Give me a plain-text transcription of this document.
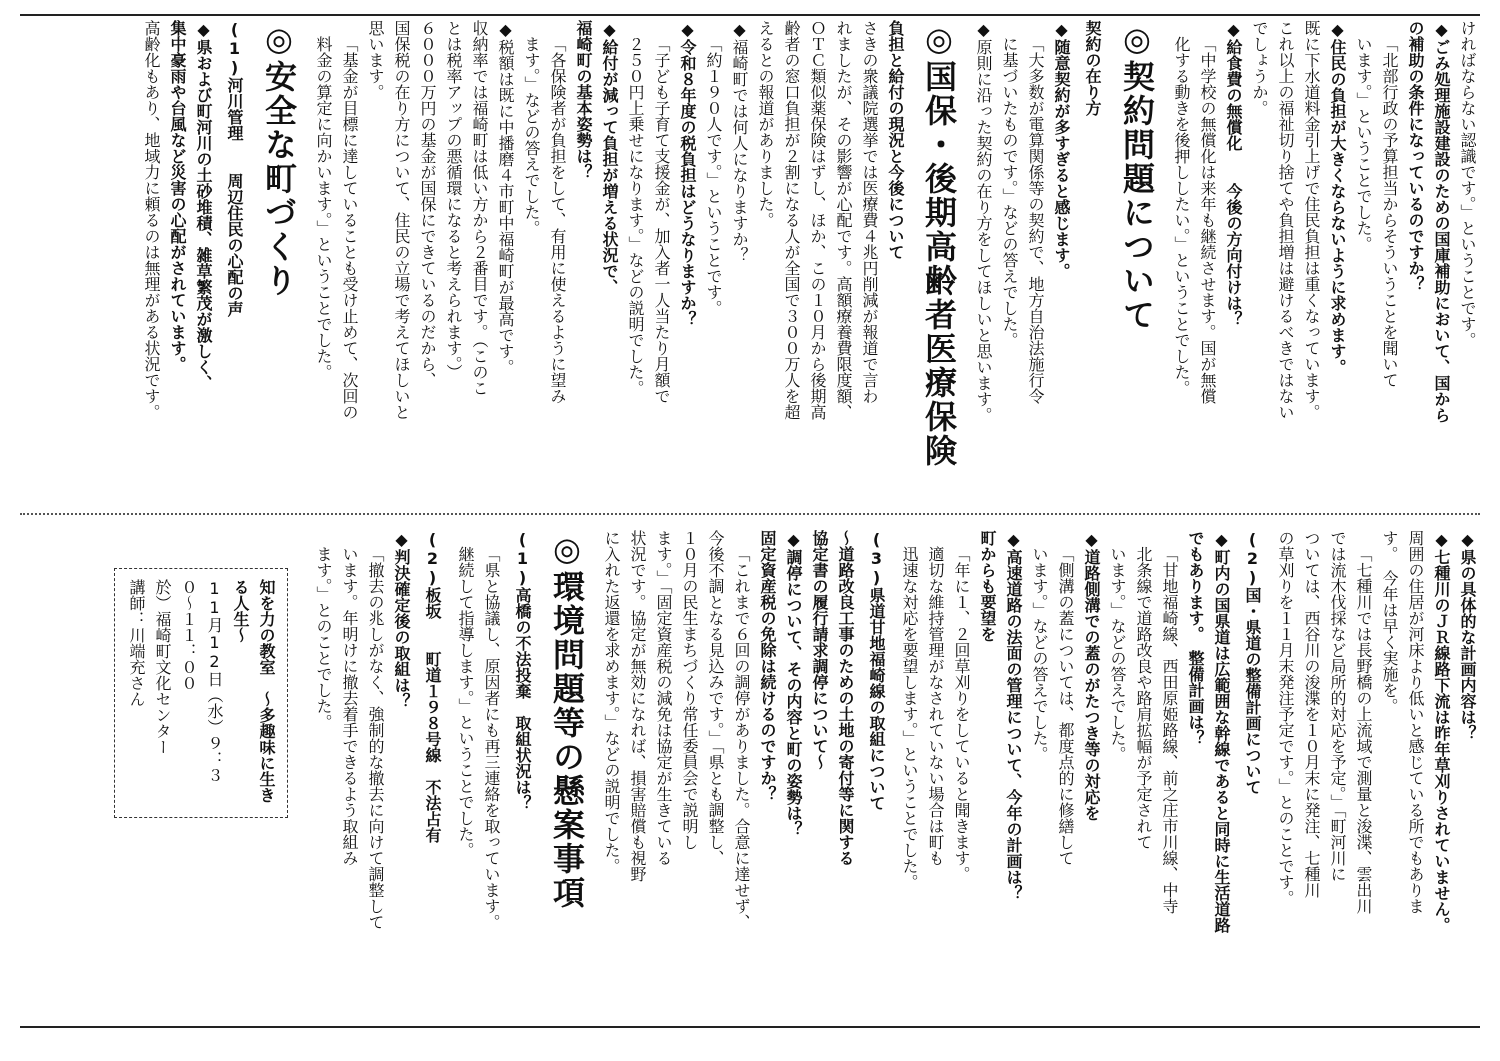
ければならない認識です。」ということです。

◆ごみ処理施設建設のための国庫補助において、国から

の補助の条件になっているのですか？

「北部行政の予算担当からそういうことを聞いて

います。」ということでした。

◆住民の負担が大きくならないように求めます。

既に下水道料金引上げで住民負担は重くなっています。

これ以上の福祉切り捨てや負担増は避けるべきではない

でしょうか。

◆給食費の無償化　　今後の方向付けは？

「中学校の無償化は来年も継続させます。国が無償

化する動きを後押ししたい。」ということでした。

◎契約問題について

契約の在り方

◆随意契約が多すぎると感じます。

「大多数が電算関係等の契約で、地方自治法施行令

に基づいたものです。」などの答えでした。

◆原則に沿った契約の在り方をしてほしいと思います。

◎国保・後期高齢者医療保険

負担と給付の現況と今後について

さきの衆議院選挙では医療費４兆円削減が報道で言わ

れましたが、その影響が心配です。高額療養費限度額、

ＯＴＣ類似薬保険はずし、ほか、この１０月から後期高

齢者の窓口負担が２割になる人が全国で３００万人を超

えるとの報道がありました。

◆福崎町では何人になりますか？

「約１９０人です。」ということです。

◆令和８年度の税負担はどうなりますか？

「子ども子育て支援金が、加入者一人当たり月額で

２５０円上乗せになります。」などの説明でした。

◆給付が減って負担が増える状況で、

福崎町の基本姿勢は？

「各保険者が負担をして、有用に使えるように望み

ます。」などの答えでした。

◆税額は既に中播磨４市町中福崎町が最高です。

収納率では福崎町は低い方から２番目です。（このこ

とは税率アップの悪循環になると考えられます。）

６０００万円の基金が国保にできているのだから、

国保税の在り方について、住民の立場で考えてほしいと

思います。

「基金が目標に達していることも受け止めて、次回の

料金の算定に向かいます。」ということでした。

◎安全な町づくり

(1)河川管理　　周辺住民の心配の声

◆県および町河川の土砂堆積、雑草繁茂が激しく、

集中豪雨や台風など災害の心配がされています。

高齢化もあり、地域力に頼るのは無理がある状況です。

◆県の具体的な計画内容は？

◆七種川のＪＲ線路下流は昨年草刈りされていません。

周囲の住居が河床より低いと感じている所でもありま

す。　今年は早く実施を。

「七種川では長野橋の上流域で測量と浚渫、雲出川

では流木伐採など局所的対応を予定。」「町河川に

ついては、西谷川の浚渫を１０月末に発注、七種川

の草刈りを１１月末発注予定です。」とのことです。

(2)国・県道の整備計画について

◆町内の国県道は広範囲な幹線であると同時に生活道路

でもあります。　整備計画は？

「甘地福崎線、西田原姫路線、前之庄市川線、中寺

北条線で道路改良や路肩拡幅が予定されて

います。」などの答えでした。

◆道路側溝での蓋のがたつき等の対応を

「側溝の蓋については、都度点的に修繕して

います。」などの答えでした。

◆高速道路の法面の管理について、今年の計画は？

町からも要望を

「年に１、２回草刈りをしていると聞きます。

適切な維持管理がなされていない場合は町も

迅速な対応を要望します。」ということでした。

(3)県道甘地福崎線の取組について

〜道路改良工事のための土地の寄付等に関する

協定書の履行請求調停について〜

◆調停について、その内容と町の姿勢は？

固定資産税の免除は続けるのですか？

「これまで６回の調停がありました。合意に達せず、

今後不調となる見込みです。」「県とも調整し、

１０月の民生まちづくり常任委員会で説明し

ます。」「固定資産税の減免は協定が生きている

状況です。協定が無効になれば、損害賠償も視野

に入れた返還を求めます。」などの説明でした。

◎環境問題等の懸案事項

(1)高橋の不法投棄　取組状況は？

「県と協議し、原因者にも再三連絡を取っています。

継続して指導します。」ということでした。

(2)板坂　　町道１９８号線　不法占有

◆判決確定後の取組は？

「撤去の兆しがなく、強制的な撤去に向けて調整して

います。年明けに撤去着手できるよう取組み

ます。」とのことでした。

知を力の教室　〜多趣味に生きる人生〜

11月12日（水）９：３０〜１１：００

於）福崎町文化センター

講師：川端充さん
